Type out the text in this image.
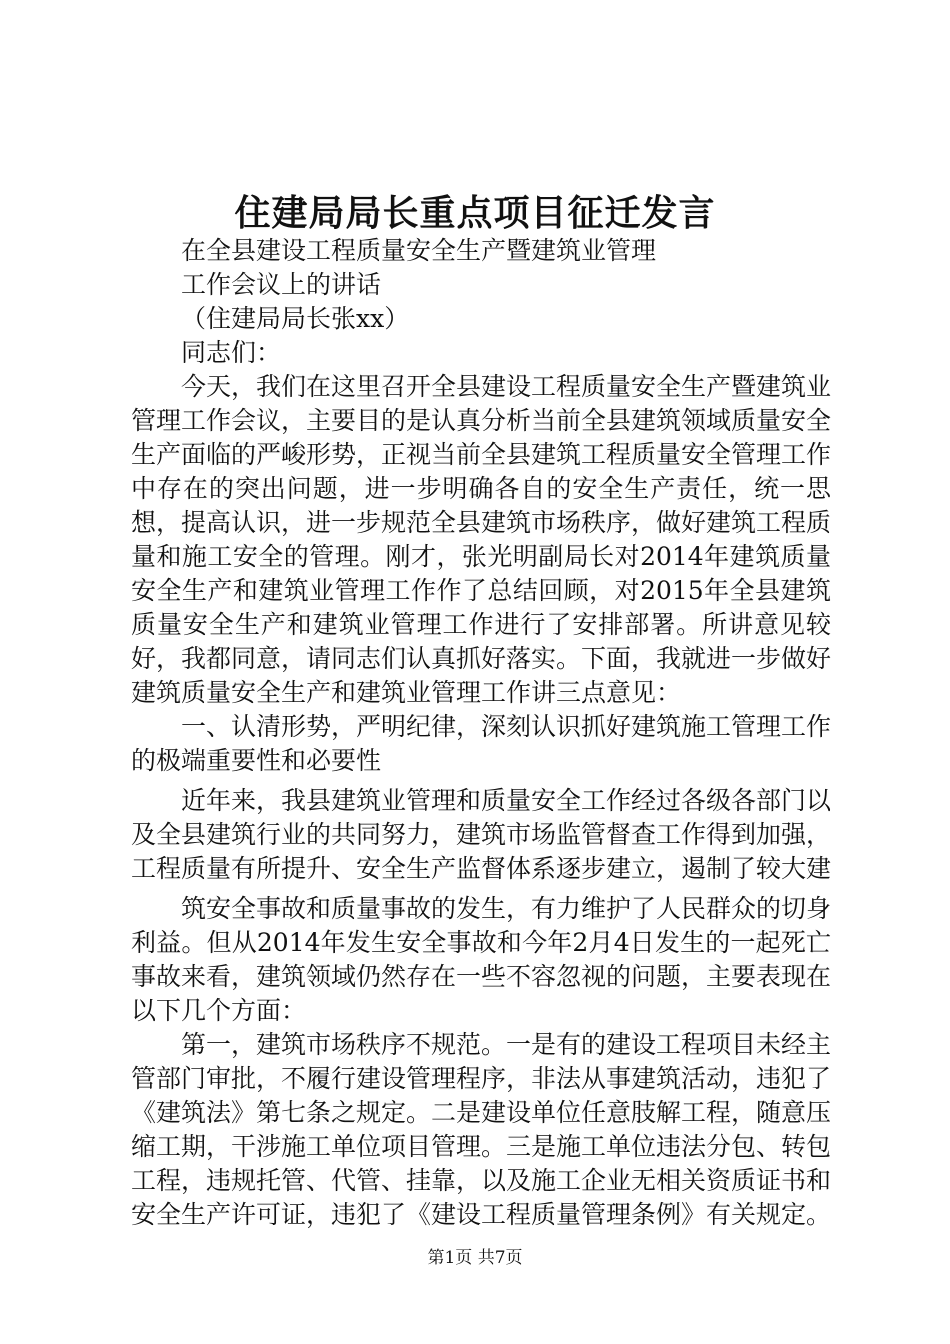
住建局局长重点项目征迁发言

在全县建设工程质量安全生产暨建筑业管理

工作会议上的讲话

（住建局局长张xx）

同志们：

今天，我们在这里召开全县建设工程质量安全生产暨建筑业管理工作会议，主要目的是认真分析当前全县建筑领域质量安全生产面临的严峻形势，正视当前全县建筑工程质量安全管理工作中存在的突出问题，进一步明确各自的安全生产责任，统一思想，提高认识，进一步规范全县建筑市场秩序，做好建筑工程质量和施工安全的管理。刚才，张光明副局长对2014年建筑质量安全生产和建筑业管理工作作了总结回顾，对2015年全县建筑质量安全生产和建筑业管理工作进行了安排部署。所讲意见较好，我都同意，请同志们认真抓好落实。下面，我就进一步做好建筑质量安全生产和建筑业管理工作讲三点意见：

一、认清形势，严明纪律，深刻认识抓好建筑施工管理工作的极端重要性和必要性

近年来，我县建筑业管理和质量安全工作经过各级各部门以及全县建筑行业的共同努力，建筑市场监管督查工作得到加强，工程质量有所提升、安全生产监督体系逐步建立，遏制了较大建

筑安全事故和质量事故的发生，有力维护了人民群众的切身利益。但从2014年发生安全事故和今年2月4日发生的一起死亡事故来看，建筑领域仍然存在一些不容忽视的问题，主要表现在以下几个方面：

第一，建筑市场秩序不规范。一是有的建设工程项目未经主管部门审批，不履行建设管理程序，非法从事建筑活动，违犯了《建筑法》第七条之规定。二是建设单位任意肢解工程，随意压缩工期，干涉施工单位项目管理。三是施工单位违法分包、转包工程，违规托管、代管、挂靠，以及施工企业无相关资质证书和安全生产许可证，违犯了《建设工程质量管理条例》有关规定。

第1页 共7页
